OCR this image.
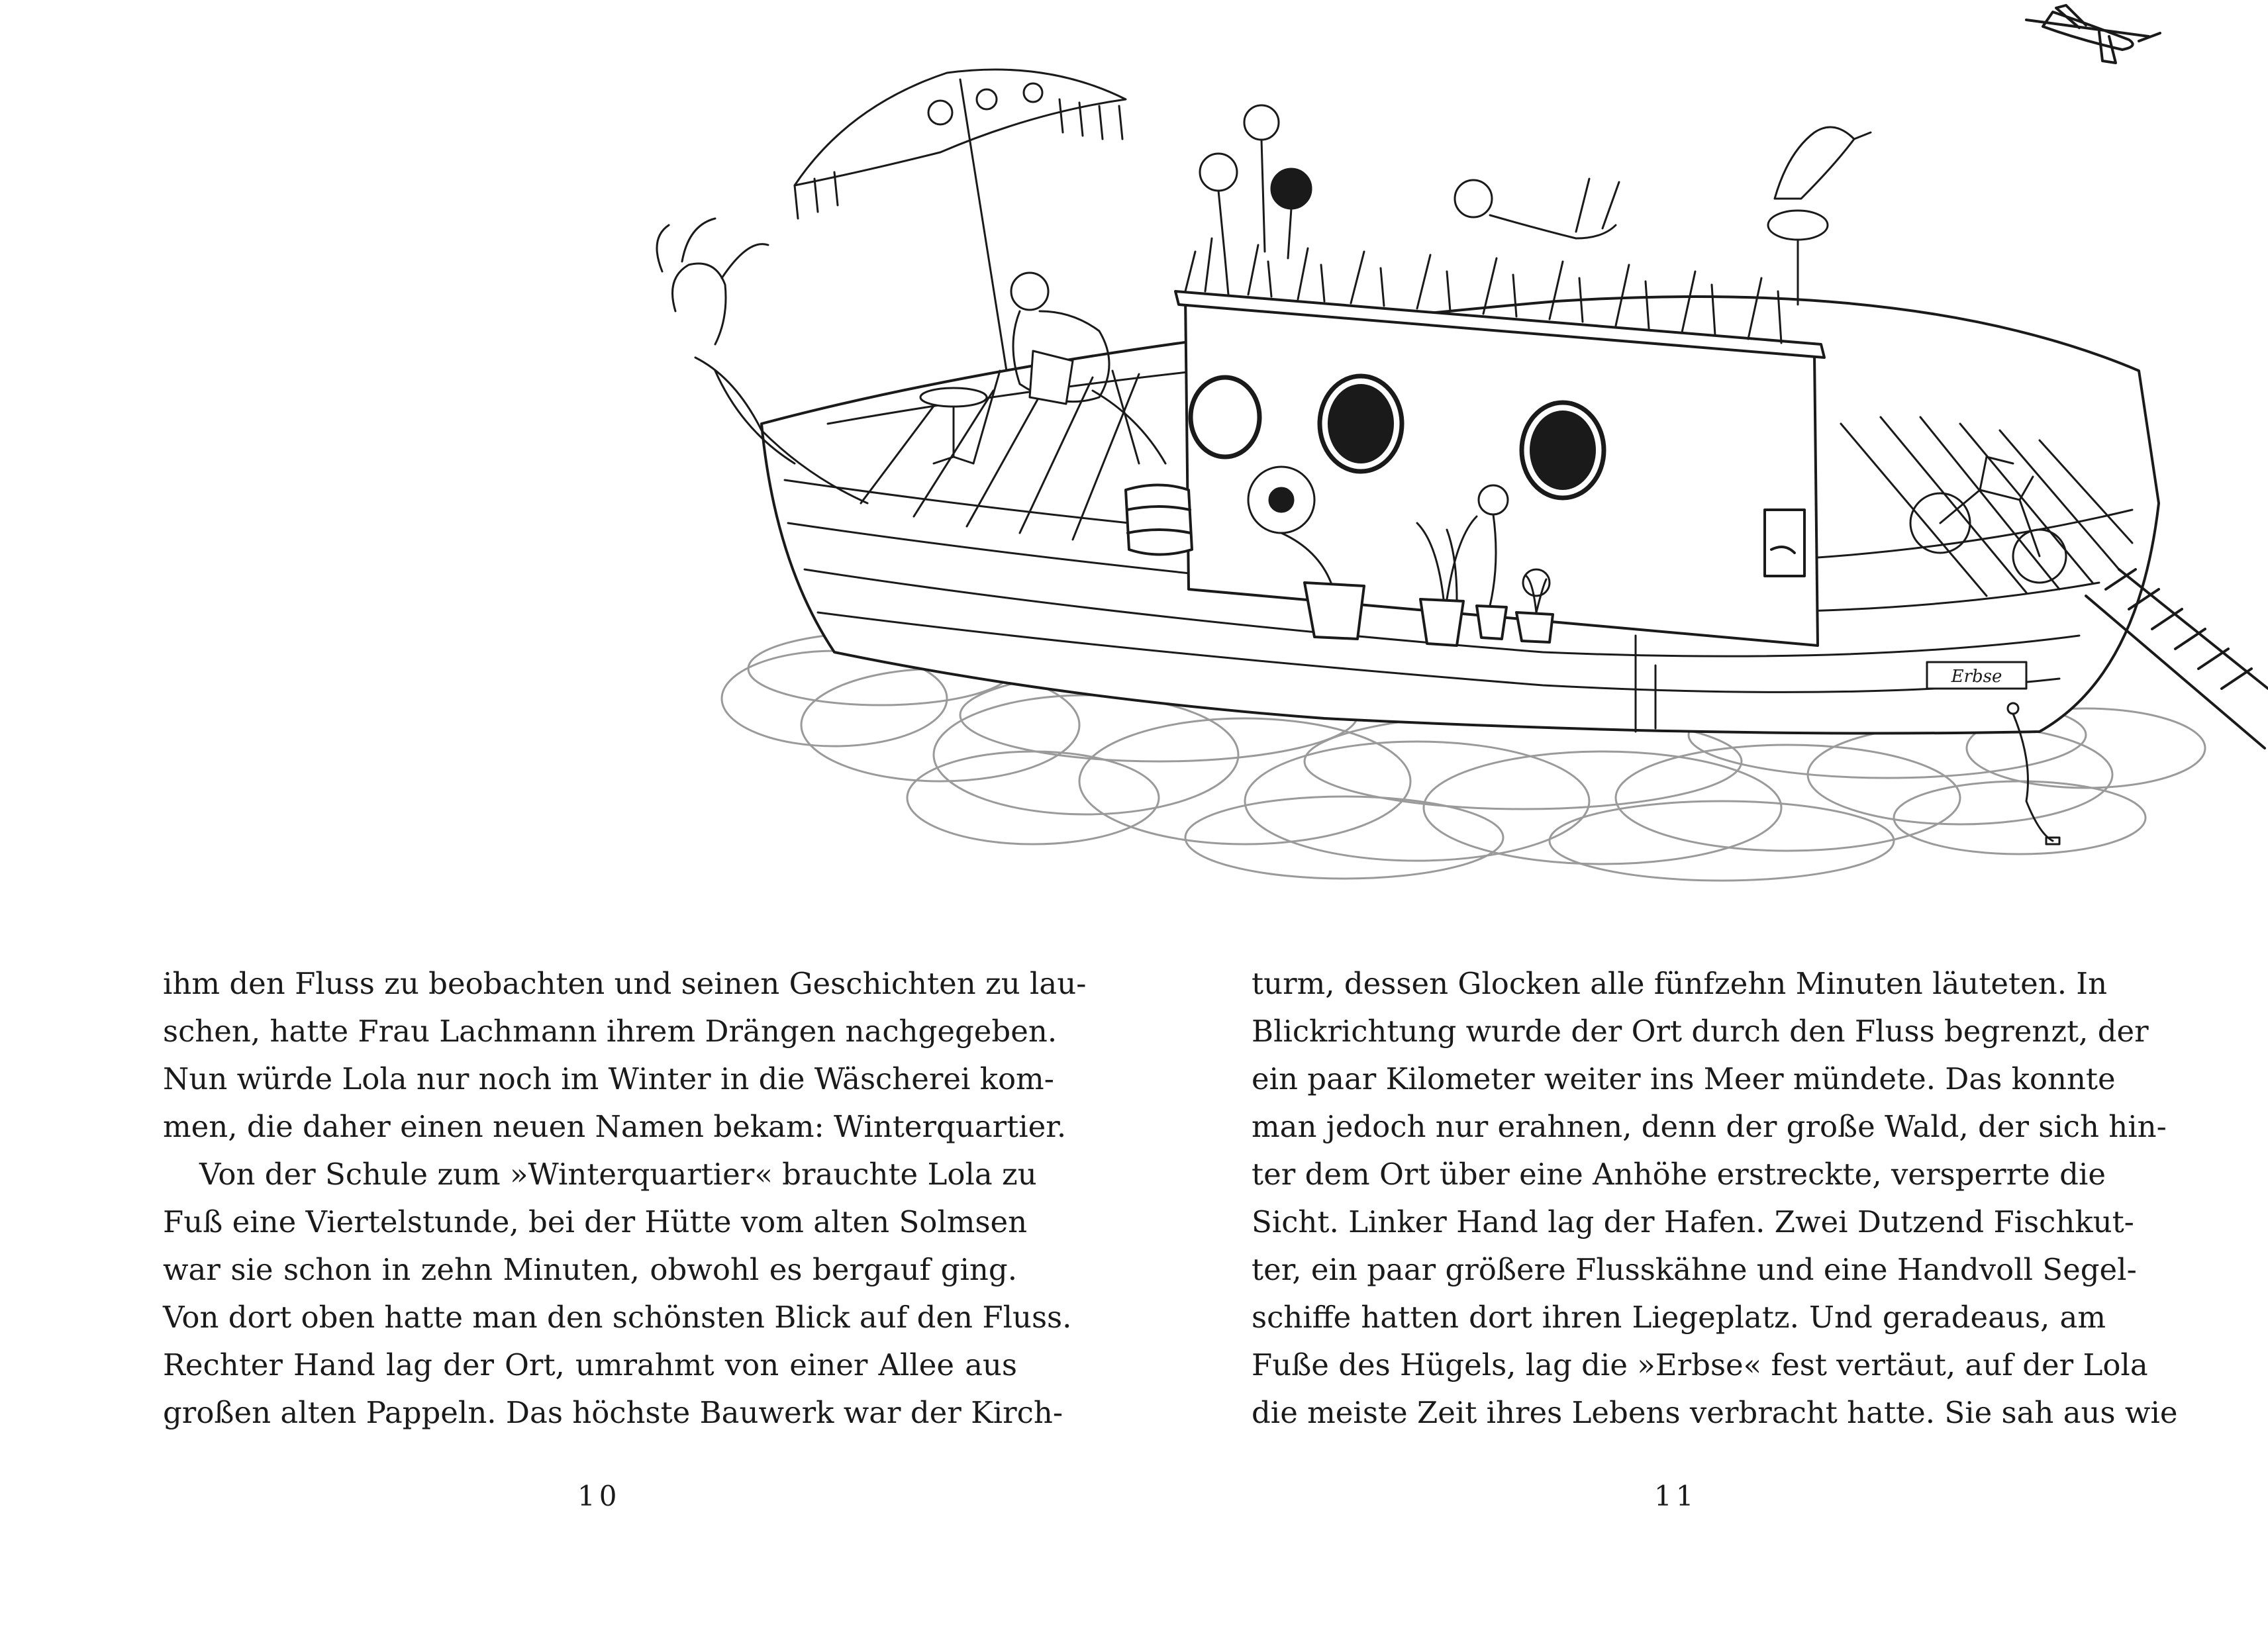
Erbse
ihm den Fluss zu beobachten und seinen Geschichten zu lau-
schen, hatte Frau Lachmann ihrem Drängen nachgegeben.
Nun würde Lola nur noch im Winter in die Wäscherei kom-
men, die daher einen neuen Namen bekam: Winterquartier.
Von der Schule zum »Winterquartier« brauchte Lola zu
Fuß eine Viertelstunde, bei der Hütte vom alten Solmsen
war sie schon in zehn Minuten, obwohl es bergauf ging.
Von dort oben hatte man den schönsten Blick auf den Fluss.
Rechter Hand lag der Ort, umrahmt von einer Allee aus
großen alten Pappeln. Das höchste Bauwerk war der Kirch-
turm, dessen Glocken alle fünfzehn Minuten läuteten. In
Blickrichtung wurde der Ort durch den Fluss begrenzt, der
ein paar Kilometer weiter ins Meer mündete. Das konnte
man jedoch nur erahnen, denn der große Wald, der sich hin-
ter dem Ort über eine Anhöhe erstreckte, versperrte die
Sicht. Linker Hand lag der Hafen. Zwei Dutzend Fischkut-
ter, ein paar größere Flusskähne und eine Handvoll Segel-
schiffe hatten dort ihren Liegeplatz. Und geradeaus, am
Fuße des Hügels, lag die »Erbse« fest vertäut, auf der Lola
die meiste Zeit ihres Lebens verbracht hatte. Sie sah aus wie
10	11
